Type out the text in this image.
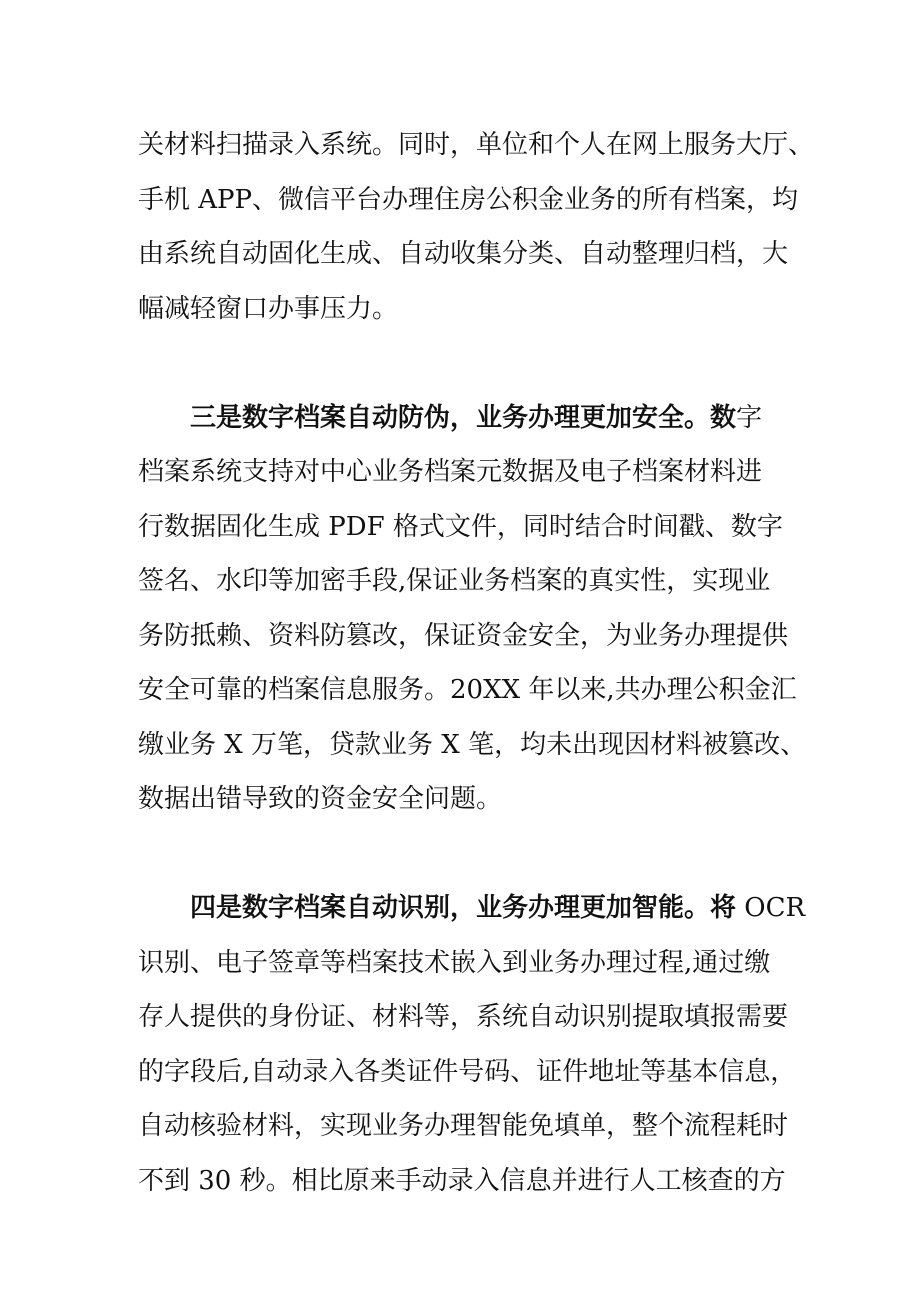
关材料扫描录入系统。同时，单位和个人在网上服务大厅、
手机 APP、微信平台办理住房公积金业务的所有档案，均
由系统自动固化生成、自动收集分类、自动整理归档，大
幅减轻窗口办事压力。
三是数字档案自动防伪，业务办理更加安全。数字
档案系统支持对中心业务档案元数据及电子档案材料进
行数据固化生成 PDF 格式文件，同时结合时间戳、数字
签名、水印等加密手段,保证业务档案的真实性，实现业
务防抵赖、资料防篡改，保证资金安全，为业务办理提供
安全可靠的档案信息服务。20XX 年以来,共办理公积金汇
缴业务 X 万笔，贷款业务 X 笔，均未出现因材料被篡改、
数据出错导致的资金安全问题。
四是数字档案自动识别，业务办理更加智能。将 OCR
识别、电子签章等档案技术嵌入到业务办理过程,通过缴
存人提供的身份证、材料等，系统自动识别提取填报需要
的字段后,自动录入各类证件号码、证件地址等基本信息，
自动核验材料，实现业务办理智能免填单，整个流程耗时
不到 30 秒。相比原来手动录入信息并进行人工核查的方
